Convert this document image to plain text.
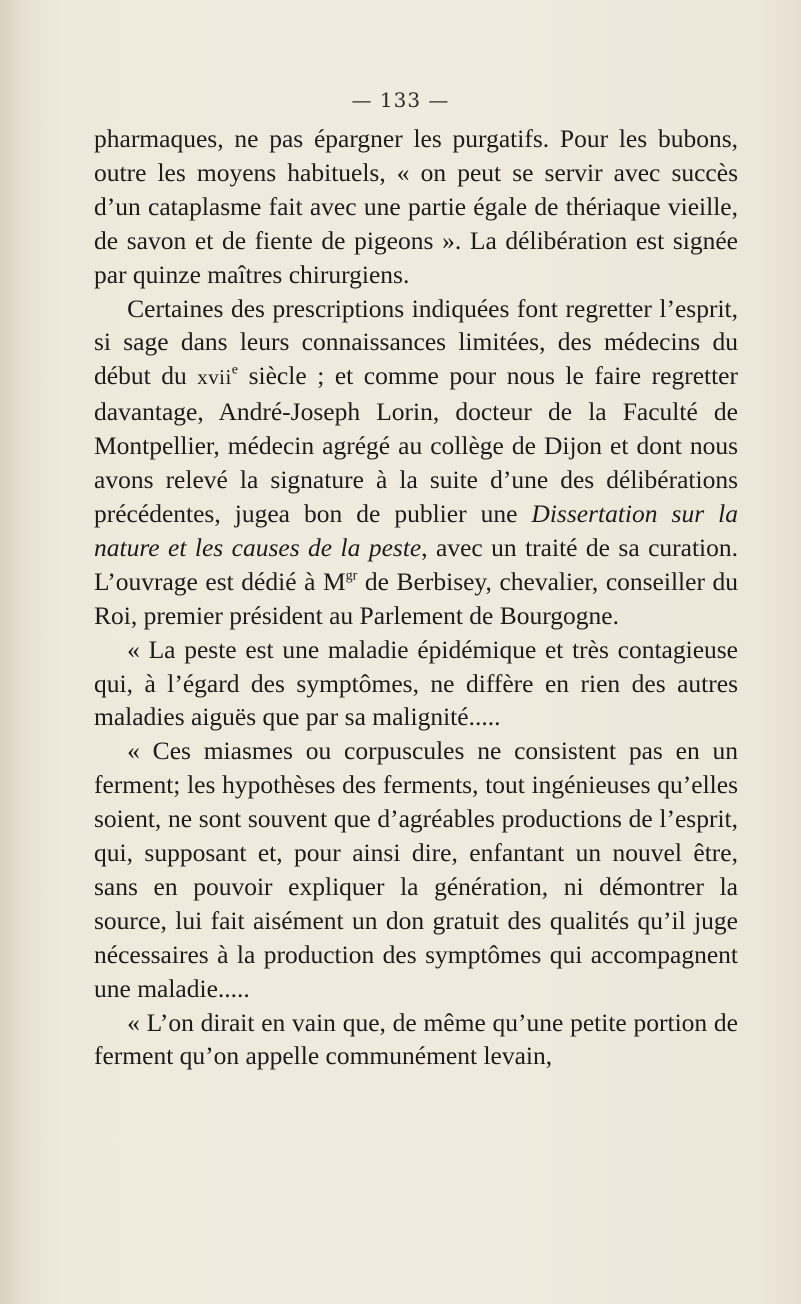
— 133 —

pharmaques, ne pas épargner les purgatifs. Pour les bubons, outre les moyens habituels, « on peut se servir avec succès d’un cataplasme fait avec une partie égale de thériaque vieille, de savon et de fiente de pigeons ». La délibération est signée par quinze maîtres chirurgiens.

Certaines des prescriptions indiquées font regretter l’esprit, si sage dans leurs connaissances limitées, des médecins du début du xvii$^e$ siècle ; et comme pour nous le faire regretter davantage, André-Joseph Lorin, docteur de la Faculté de Montpellier, médecin agrégé au collège de Dijon et dont nous avons relevé la signature à la suite d’une des délibérations précédentes, jugea bon de publier une Dissertation sur la nature et les causes de la peste, avec un traité de sa curation. L’ouvrage est dédié à $M^{gr}$ de Berbisey, chevalier, conseiller du Roi, premier président au Parlement de Bourgogne.

« La peste est une maladie épidémique et très contagieuse qui, à l’égard des symptômes, ne diffère en rien des autres maladies aiguës que par sa malignité.....

« Ces miasmes ou corpuscules ne consistent pas en un ferment; les hypothèses des ferments, tout ingénieuses qu’elles soient, ne sont souvent que d’agréables productions de l’esprit, qui, supposant et, pour ainsi dire, enfantant un nouvel être, sans en pouvoir expliquer la génération, ni démontrer la source, lui fait aisément un don gratuit des qualités qu’il juge nécessaires à la production des symptômes qui accompagnent une maladie.....

« L’on dirait en vain que, de même qu’une petite portion de ferment qu’on appelle communément levain,
